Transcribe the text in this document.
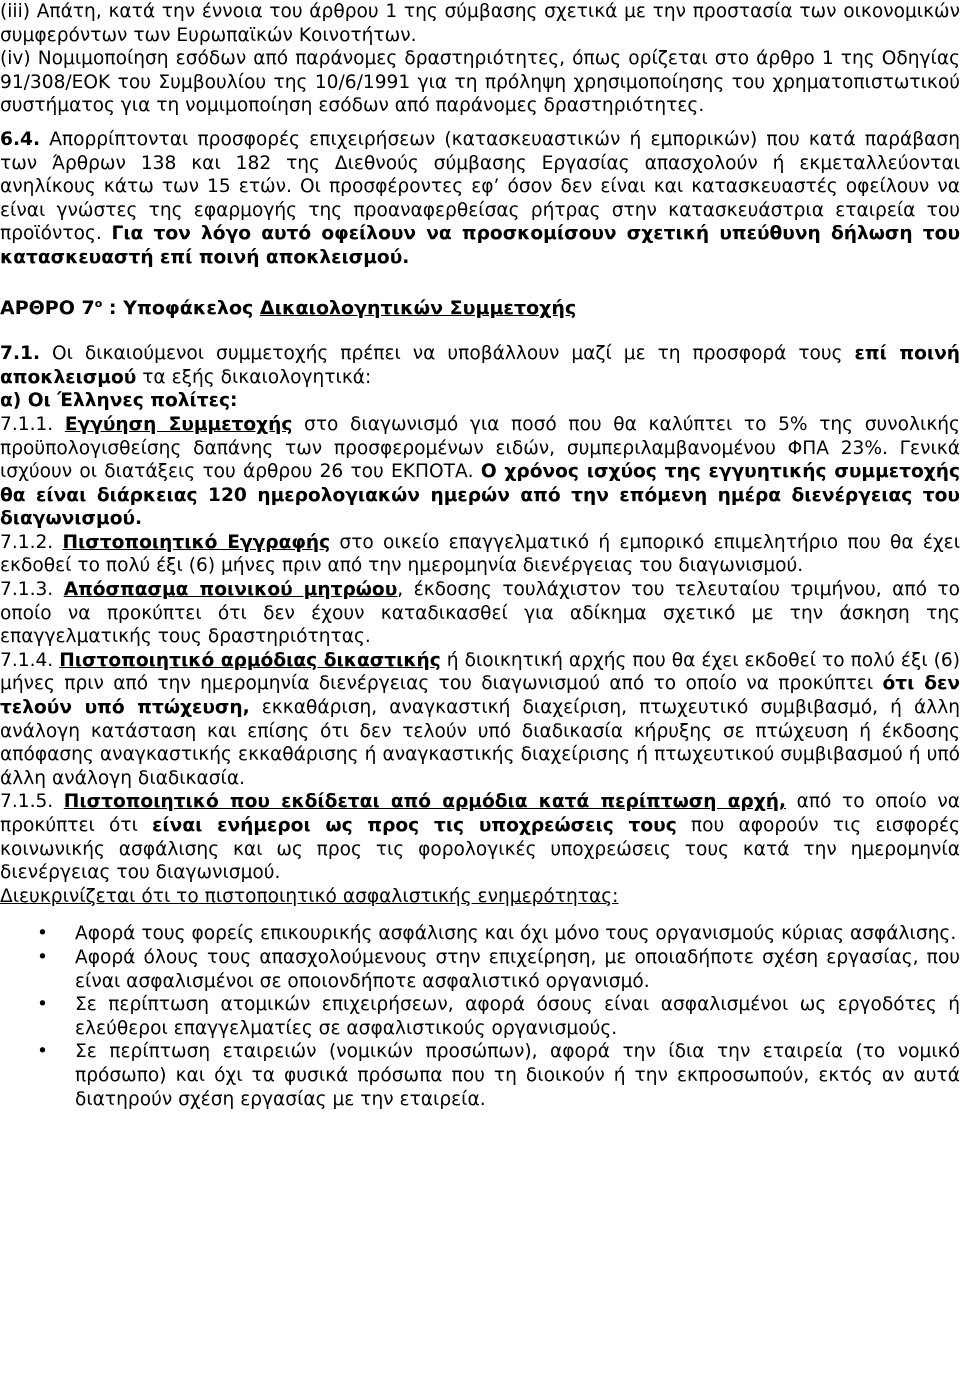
(iii) Απάτη, κατά την έννοια του άρθρου 1 της σύμβασης σχετικά με την προστασία των οικονομικών συμφερόντων των Ευρωπαϊκών Κοινοτήτων.

(iv) Νομιμοποίηση εσόδων από παράνομες δραστηριότητες, όπως ορίζεται στο άρθρο 1 της Οδηγίας 91/308/ΕΟΚ του Συμβουλίου της 10/6/1991 για τη πρόληψη χρησιμοποίησης του χρηματοπιστωτικού συστήματος για τη νομιμοποίηση εσόδων από παράνομες δραστηριότητες.

6.4. Απορρίπτονται προσφορές επιχειρήσεων (κατασκευαστικών ή εμπορικών) που κατά παράβαση των Άρθρων 138 και 182 της Διεθνούς σύμβασης Εργασίας απασχολούν ή εκμεταλλεύονται ανηλίκους κάτω των 15 ετών. Οι προσφέροντες εφ’ όσον δεν είναι και κατασκευαστές οφείλουν να είναι γνώστες της εφαρμογής της προαναφερθείσας ρήτρας στην κατασκευάστρια εταιρεία του προϊόντος. Για τον λόγο αυτό οφείλουν να προσκομίσουν σχετική υπεύθυνη δήλωση του κατασκευαστή επί ποινή αποκλεισμού.

ΑΡΘΡΟ $7^o$ : Υποφάκελος Δικαιολογητικών Συμμετοχής

7.1. Οι δικαιούμενοι συμμετοχής πρέπει να υποβάλλουν μαζί με τη προσφορά τους επί ποινή αποκλεισμού τα εξής δικαιολογητικά:

α) Οι Έλληνες πολίτες:

7.1.1. Εγγύηση Συμμετοχής στο διαγωνισμό για ποσό που θα καλύπτει το 5% της συνολικής προϋπολογισθείσης δαπάνης των προσφερομένων ειδών, συμπεριλαμβανομένου ΦΠΑ 23%. Γενικά ισχύουν οι διατάξεις του άρθρου 26 του ΕΚΠΟΤΑ. Ο χρόνος ισχύος της εγγυητικής συμμετοχής θα είναι διάρκειας 120 ημερολογιακών ημερών από την επόμενη ημέρα διενέργειας του διαγωνισμού.

7.1.2. Πιστοποιητικό Εγγραφής στο οικείο επαγγελματικό ή εμπορικό επιμελητήριο που θα έχει εκδοθεί το πολύ έξι (6) μήνες πριν από την ημερομηνία διενέργειας του διαγωνισμού.

7.1.3. Απόσπασμα ποινικού μητρώου, έκδοσης τουλάχιστον του τελευταίου τριμήνου, από το οποίο να προκύπτει ότι δεν έχουν καταδικασθεί για αδίκημα σχετικό με την άσκηση της επαγγελματικής τους δραστηριότητας.

7.1.4. Πιστοποιητικό αρμόδιας δικαστικής ή διοικητική αρχής που θα έχει εκδοθεί το πολύ έξι (6) μήνες πριν από την ημερομηνία διενέργειας του διαγωνισμού από το οποίο να προκύπτει ότι δεν τελούν υπό πτώχευση, εκκαθάριση, αναγκαστική διαχείριση, πτωχευτικό συμβιβασμό, ή άλλη ανάλογη κατάσταση και επίσης ότι δεν τελούν υπό διαδικασία κήρυξης σε πτώχευση ή έκδοσης απόφασης αναγκαστικής εκκαθάρισης ή αναγκαστικής διαχείρισης ή πτωχευτικού συμβιβασμού ή υπό άλλη ανάλογη διαδικασία.

7.1.5. Πιστοποιητικό που εκδίδεται από αρμόδια κατά περίπτωση αρχή, από το οποίο να προκύπτει ότι είναι ενήμεροι ως προς τις υποχρεώσεις τους που αφορούν τις εισφορές κοινωνικής ασφάλισης και ως προς τις φορολογικές υποχρεώσεις τους κατά την ημερομηνία διενέργειας του διαγωνισμού.

Διευκρινίζεται ότι το πιστοποιητικό ασφαλιστικής ενημερότητας:

• Αφορά τους φορείς επικουρικής ασφάλισης και όχι μόνο τους οργανισμούς κύριας ασφάλισης.
• Αφορά όλους τους απασχολούμενους στην επιχείρηση, με οποιαδήποτε σχέση εργασίας, που είναι ασφαλισμένοι σε οποιονδήποτε ασφαλιστικό οργανισμό.
• Σε περίπτωση ατομικών επιχειρήσεων, αφορά όσους είναι ασφαλισμένοι ως εργοδότες ή ελεύθεροι επαγγελματίες σε ασφαλιστικούς οργανισμούς.
• Σε περίπτωση εταιρειών (νομικών προσώπων), αφορά την ίδια την εταιρεία (το νομικό πρόσωπο) και όχι τα φυσικά πρόσωπα που τη διοικούν ή την εκπροσωπούν, εκτός αν αυτά διατηρούν σχέση εργασίας με την εταιρεία.
